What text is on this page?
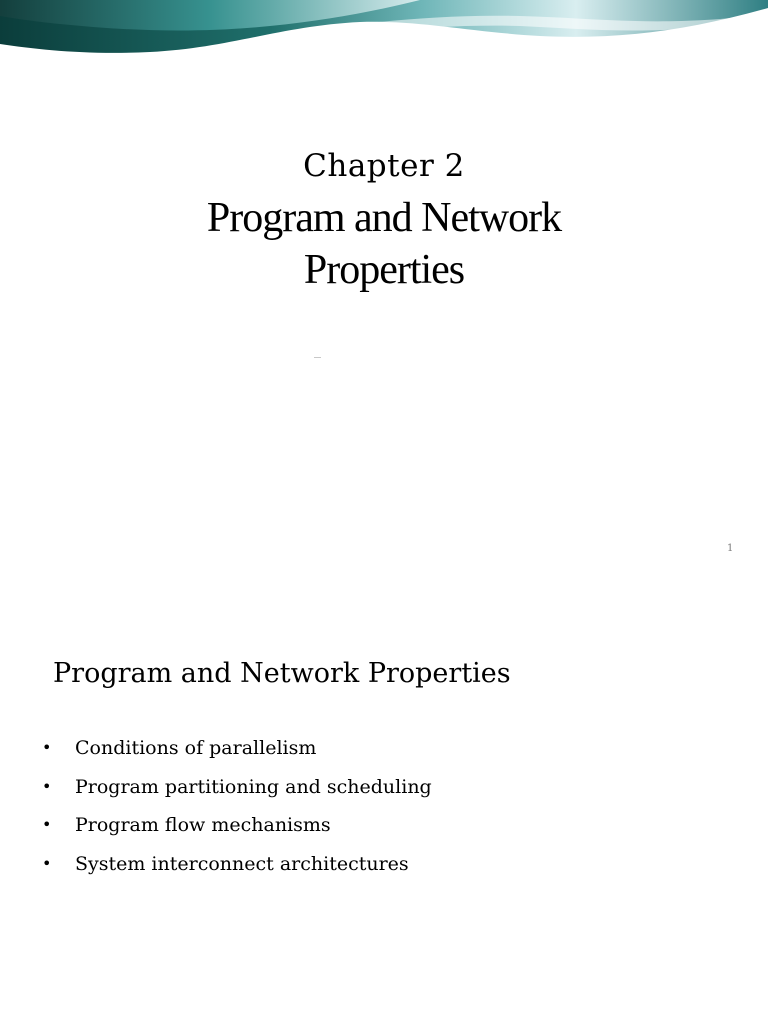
Chapter 2
Program and Network
Properties
1
Program and Network Properties
•	Conditions of parallelism
•	Program partitioning and scheduling
•	Program flow mechanisms
•	System interconnect architectures
